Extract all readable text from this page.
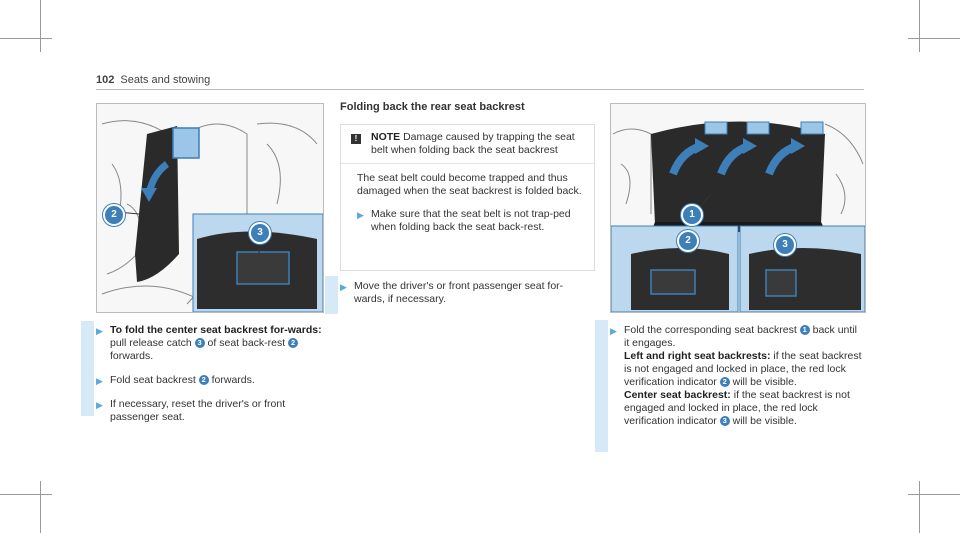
102 Seats and stowing
2
3
▶ To fold the center seat backrest for-wards: pull release catch 3 of seat back-rest 2 forwards.
▶ Fold seat backrest 2 forwards.
▶ If necessary, reset the driver's or front passenger seat.
Folding back the rear seat backrest
!	NOTE Damage caused by trapping the seat belt when folding back the seat backrest
The seat belt could become trapped and thus damaged when the seat backrest is folded back.
▶ Make sure that the seat belt is not trap-ped when folding back the seat back-rest.
▶ Move the driver's or front passenger seat for-wards, if necessary.
1
2	3
▶ Fold the corresponding seat backrest 1 back until it engages.
Left and right seat backrests: if the seat backrest is not engaged and locked in place, the red lock verification indicator 2 will be visible.
Center seat backrest: if the seat backrest is not engaged and locked in place, the red lock verification indicator 3 will be visible.
